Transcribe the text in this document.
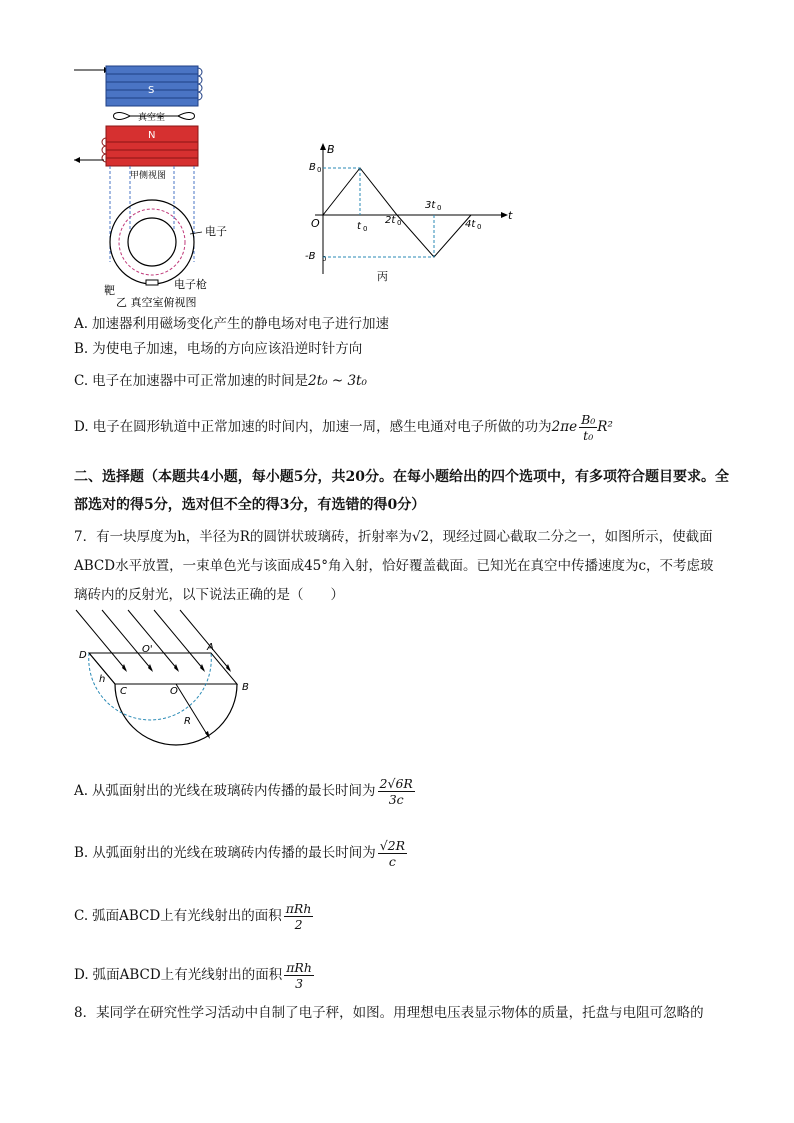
S
真空室
N
甲侧视图
电子
靶	电子枪
乙 真空室俯视图
B
t
O
B 0
-B 0
t 0
2t 0
3t 0
4t 0
丙
A. 加速器利用磁场变化产生的静电场对电子进行加速
B. 为使电子加速，电场的方向应该沿逆时针方向
C. 电子在加速器中可正常加速的时间是2t₀ ~ 3t₀
D. 电子在圆形轨道中正常加速的时间内，加速一周，感生电通对电子所做的功为$2\pi e \frac{\text{B₀}}{\text{t₀}} R^2$
二、选择题（本题共4小题，每小题5分，共20分。在每小题给出的四个选项中，有多项符合题目要求。全部选对的得5分，选对但不全的得3分，有选错的得0分）
7．有一块厚度为h，半径为R的圆饼状玻璃砖，折射率为√2，现经过圆心截取二分之一，如图所示，使截面ABCD水平放置，一束单色光与该面成45°角入射，恰好覆盖截面。已知光在真空中传播速度为c，不考虑玻璃砖内的反射光，以下说法正确的是（　　）
D
O'	A
h
C	O	B
R
A. 从弧面射出的光线在玻璃砖内传播的最长时间为 $\frac{2√6R}{3c}$
B. 从弧面射出的光线在玻璃砖内传播的最长时间为 $\frac{√2R}{c}$
C. 弧面ABCD上有光线射出的面积 $\frac{\text{πRh}}{2}$
D. 弧面ABCD上有光线射出的面积 $\frac{\text{πRh}}{3}$
8．某同学在研究性学习活动中自制了电子秤，如图。用理想电压表显示物体的质量，托盘与电阻可忽略的
